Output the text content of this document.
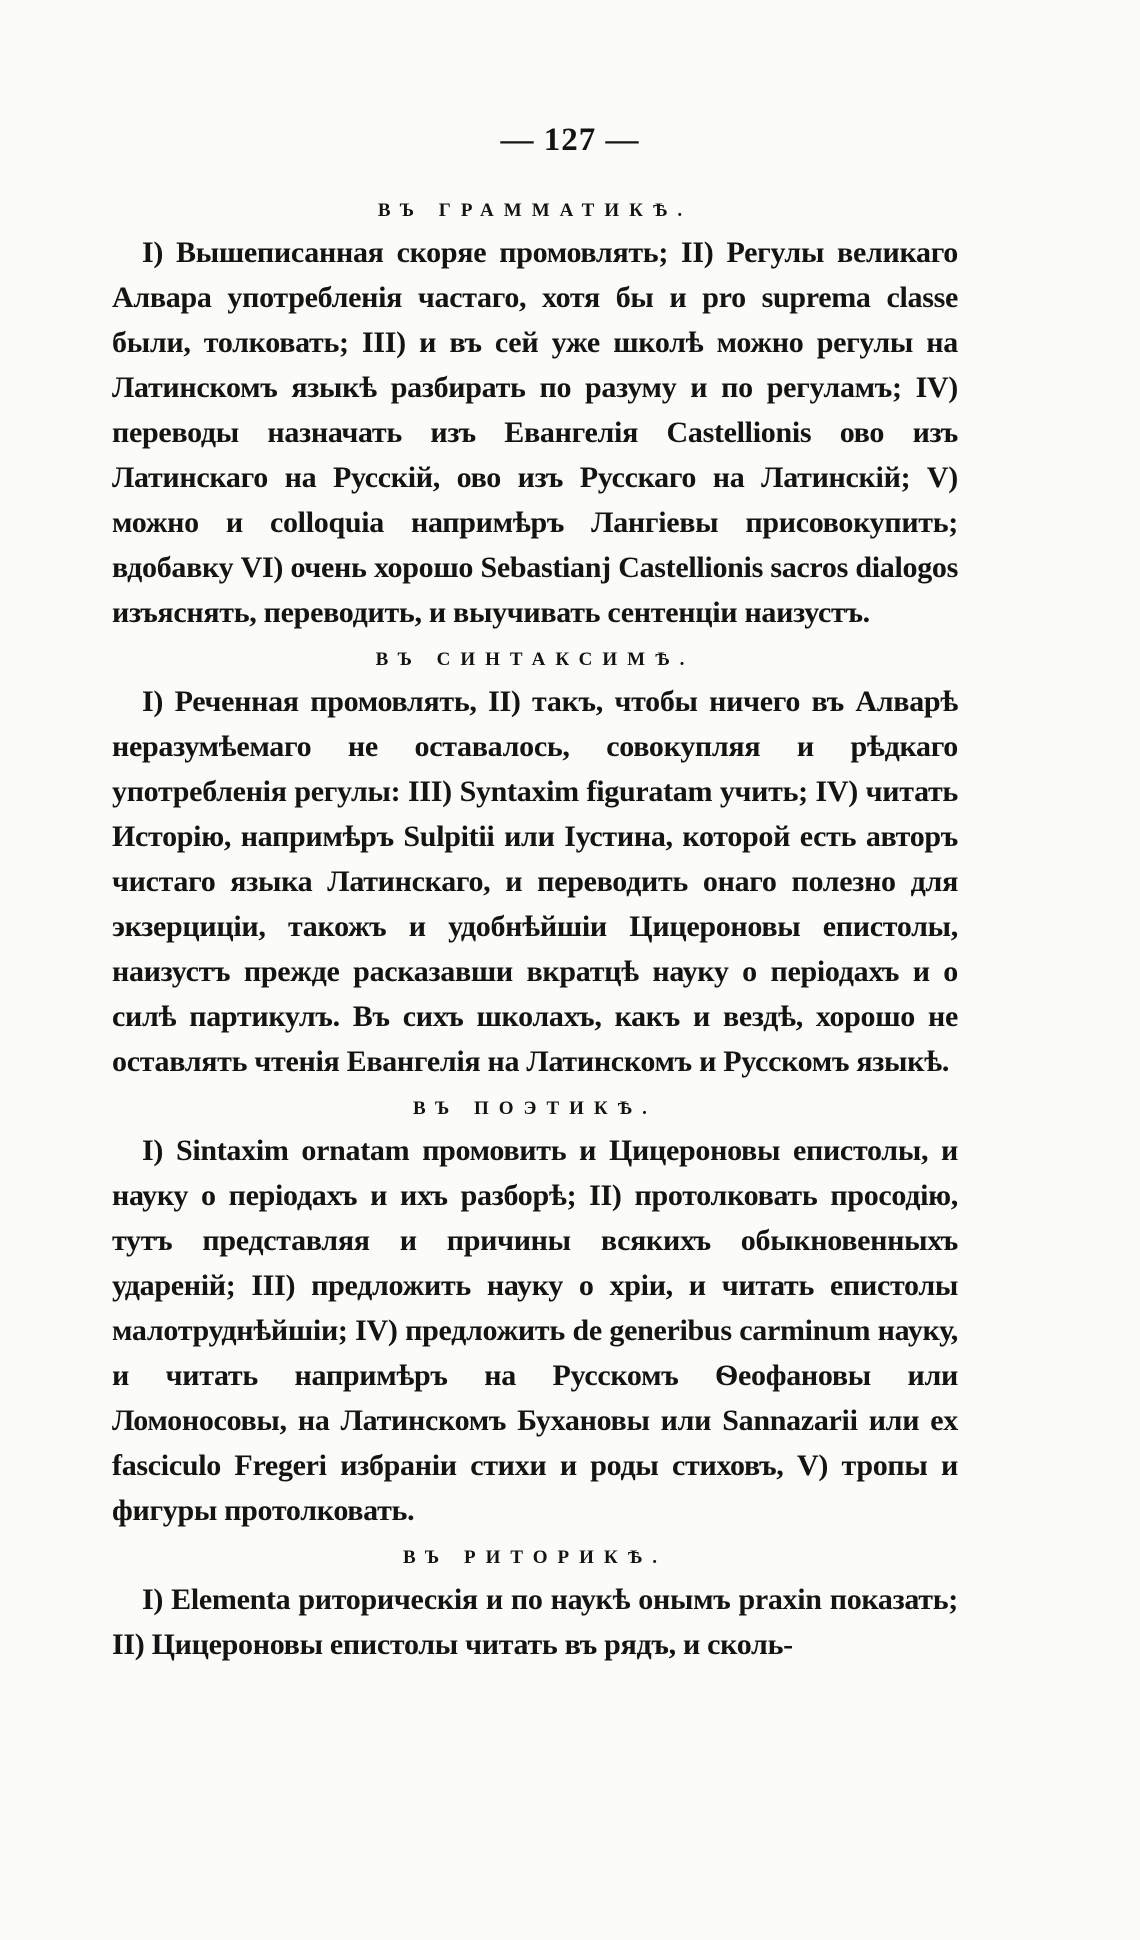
— 127 —
ВЪ ГРАММАТИКѢ.

I) Вышеписанная скоряе промовлять; II) Регулы великаго Алвара употребленія частаго, хотя бы и pro suprema classe были, толковать; III) и въ сей уже школѣ можно регулы на Латинскомъ языкѣ разбирать по разуму и по регуламъ; IV) переводы назначать изъ Евангелія Castellionis ово изъ Латинскаго на Русскій, ово изъ Русскаго на Латинскій; V) можно и colloquia напримѣръ Лангіевы присовокупить; вдобавку VI) очень хорошо Sebastianj Castellionis sacros dialogos изъяснять, переводить, и выучивать сентенціи наизустъ.

ВЪ СИНТАКСИМѢ.

I) Реченная промовлять, II) такъ, чтобы ничего въ Алварѣ неразумѣемаго не оставалось, совокупляя и рѣдкаго употребленія регулы: III) Syntaxim figuratam учить; IV) читать Исторію, напримѣръ Sulpitii или Іустина, которой есть авторъ чистаго языка Латинскаго, и переводить онаго полезно для экзерциціи, такожъ и удобнѣйшіи Цицероновы епистолы, наизустъ прежде расказавши вкратцѣ науку о періодахъ и о силѣ партикулъ. Въ сихъ школахъ, какъ и вездѣ, хорошо не оставлять чтенія Евангелія на Латинскомъ и Русскомъ языкѣ.

ВЪ ПОЭТИКѢ.

I) Sintaxim ornatam промовить и Цицероновы епистолы, и науку о періодахъ и ихъ разборѣ; II) протолковать просодію, тутъ представляя и причины всякихъ обыкновенныхъ удареній; III) предложить науку о хріи, и читать епистолы малотруднѣйшіи; IV) предложить de generibus carminum науку, и читать напримѣръ на Русскомъ Ѳеофановы или Ломоносовы, на Латинскомъ Бухановы или Sannazarii или ex fasciculo Fregeri избраніи стихи и роды стиховъ, V) тропы и фигуры протолковать.

ВЪ РИТОРИКѢ.

I) Elementa риторическія и по наукѣ онымъ praxin показать; II) Цицероновы епистолы читать въ рядъ, и сколь-
